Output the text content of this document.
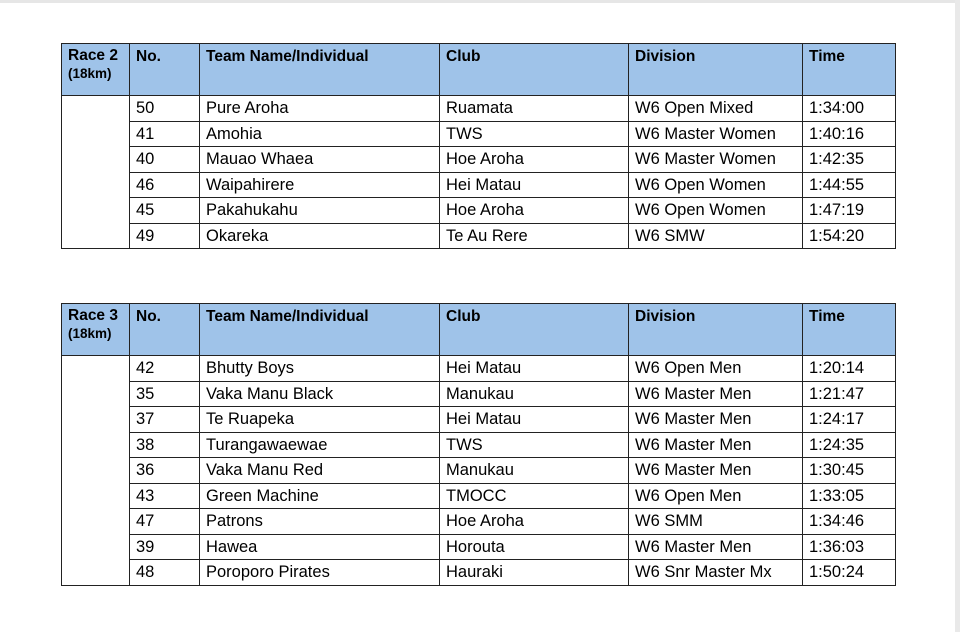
Race 2
(18km)	No.	Team Name/Individual	Club	Division	Time
	50	Pure Aroha	Ruamata	W6 Open Mixed	1:34:00
	41	Amohia	TWS	W6 Master Women	1:40:16
	40	Mauao Whaea	Hoe Aroha	W6 Master Women	1:42:35
	46	Waipahirere	Hei Matau	W6 Open Women	1:44:55
	45	Pakahukahu	Hoe Aroha	W6 Open Women	1:47:19
	49	Okareka	Te Au Rere	W6 SMW	1:54:20
Race 3
(18km)	No.	Team Name/Individual	Club	Division	Time
	42	Bhutty Boys	Hei Matau	W6 Open Men	1:20:14
	35	Vaka Manu Black	Manukau	W6 Master Men	1:21:47
	37	Te Ruapeka	Hei Matau	W6 Master Men	1:24:17
	38	Turangawaewae	TWS	W6 Master Men	1:24:35
	36	Vaka Manu Red	Manukau	W6 Master Men	1:30:45
	43	Green Machine	TMOCC	W6 Open Men	1:33:05
	47	Patrons	Hoe Aroha	W6 SMM	1:34:46
	39	Hawea	Horouta	W6 Master Men	1:36:03
	48	Poroporo Pirates	Hauraki	W6 Snr Master Mx	1:50:24
